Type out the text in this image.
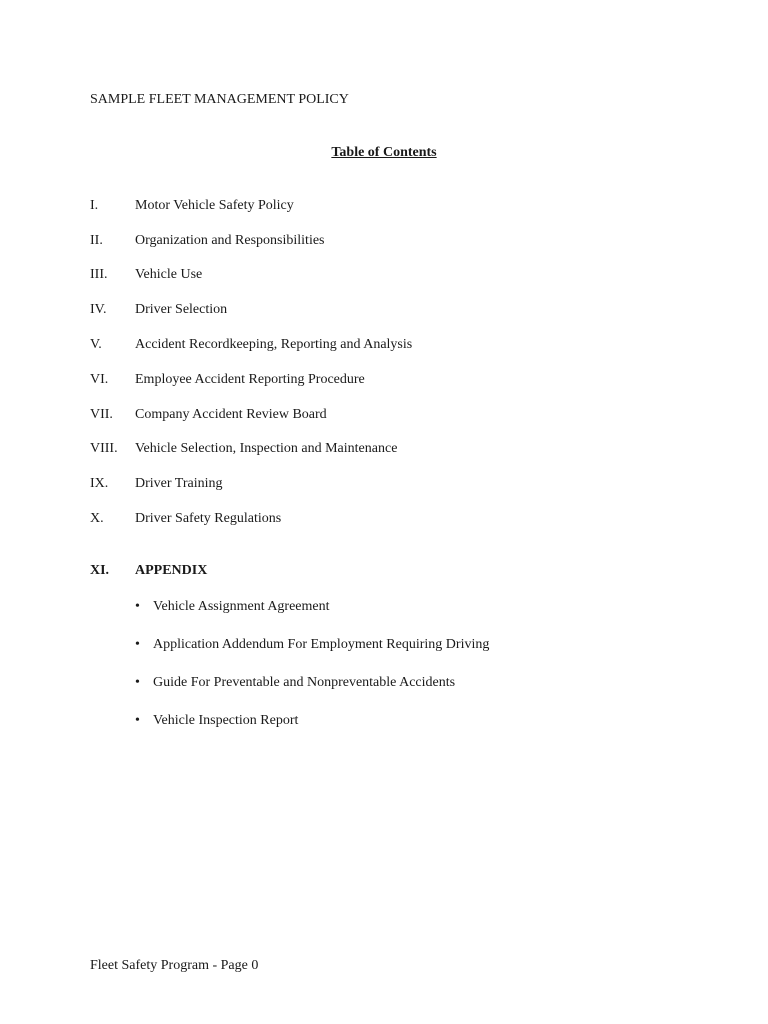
SAMPLE FLEET MANAGEMENT POLICY
Table of Contents
I.	Motor Vehicle Safety Policy
II.	Organization and Responsibilities
III.	Vehicle Use
IV.	Driver Selection
V.	Accident Recordkeeping, Reporting and Analysis
VI.	Employee Accident Reporting Procedure
VII.	Company Accident Review Board
VIII.	Vehicle Selection, Inspection and Maintenance
IX.	Driver Training
X.	Driver Safety Regulations
XI.	APPENDIX
• Vehicle Assignment Agreement
• Application Addendum For Employment Requiring Driving
• Guide For Preventable and Nonpreventable Accidents
• Vehicle Inspection Report
Fleet Safety Program - Page 0
